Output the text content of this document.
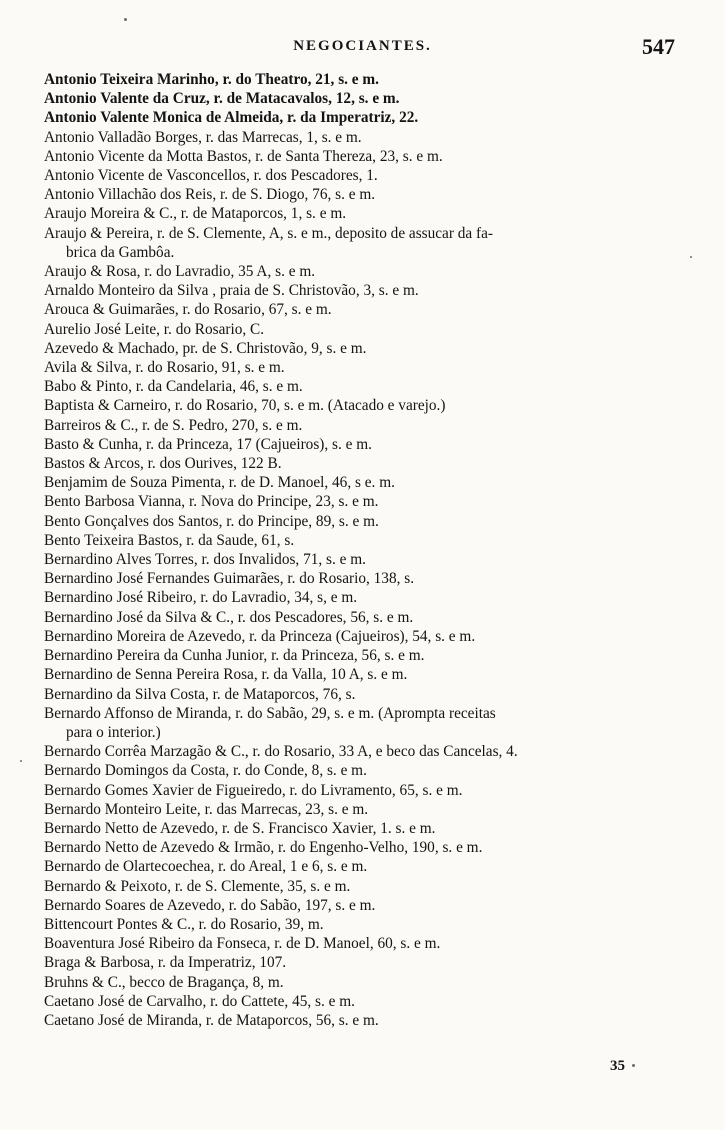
NEGOCIANTES.	547
Antonio Teixeira Marinho, r. do Theatro, 21, s. e m.
Antonio Valente da Cruz, r. de Matacavalos, 12, s. e m.
Antonio Valente Monica de Almeida, r. da Imperatriz, 22.
Antonio Valladão Borges, r. das Marrecas, 1, s. e m.
Antonio Vicente da Motta Bastos, r. de Santa Thereza, 23, s. e m.
Antonio Vicente de Vasconcellos, r. dos Pescadores, 1.
Antonio Villachão dos Reis, r. de S. Diogo, 76, s. e m.
Araujo Moreira & C., r. de Mataporcos, 1, s. e m.
Araujo & Pereira, r. de S. Clemente, A, s. e m., deposito de assucar da fa-
brica da Gambôa.
Araujo & Rosa, r. do Lavradio, 35 A, s. e m.
Arnaldo Monteiro da Silva , praia de S. Christovão, 3, s. e m.
Arouca & Guimarães, r. do Rosario, 67, s. e m.
Aurelio José Leite, r. do Rosario, C.
Azevedo & Machado, pr. de S. Christovão, 9, s. e m.
Avila & Silva, r. do Rosario, 91, s. e m.
Babo & Pinto, r. da Candelaria, 46, s. e m.
Baptista & Carneiro, r. do Rosario, 70, s. e m. (Atacado e varejo.)
Barreiros & C., r. de S. Pedro, 270, s. e m.
Basto & Cunha, r. da Princeza, 17 (Cajueiros), s. e m.
Bastos & Arcos, r. dos Ourives, 122 B.
Benjamim de Souza Pimenta, r. de D. Manoel, 46, s e. m.
Bento Barbosa Vianna, r. Nova do Principe, 23, s. e m.
Bento Gonçalves dos Santos, r. do Principe, 89, s. e m.
Bento Teixeira Bastos, r. da Saude, 61, s.
Bernardino Alves Torres, r. dos Invalidos, 71, s. e m.
Bernardino José Fernandes Guimarães, r. do Rosario, 138, s.
Bernardino José Ribeiro, r. do Lavradio, 34, s, e m.
Bernardino José da Silva & C., r. dos Pescadores, 56, s. e m.
Bernardino Moreira de Azevedo, r. da Princeza (Cajueiros), 54, s. e m.
Bernardino Pereira da Cunha Junior, r. da Princeza, 56, s. e m.
Bernardino de Senna Pereira Rosa, r. da Valla, 10 A, s. e m.
Bernardino da Silva Costa, r. de Mataporcos, 76, s.
Bernardo Affonso de Miranda, r. do Sabão, 29, s. e m. (Aprompta receitas
para o interior.)
Bernardo Corrêa Marzagão & C., r. do Rosario, 33 A, e beco das Cancelas, 4.
Bernardo Domingos da Costa, r. do Conde, 8, s. e m.
Bernardo Gomes Xavier de Figueiredo, r. do Livramento, 65, s. e m.
Bernardo Monteiro Leite, r. das Marrecas, 23, s. e m.
Bernardo Netto de Azevedo, r. de S. Francisco Xavier, 1. s. e m.
Bernardo Netto de Azevedo & Irmão, r. do Engenho-Velho, 190, s. e m.
Bernardo de Olartecoechea, r. do Areal, 1 e 6, s. e m.
Bernardo & Peixoto, r. de S. Clemente, 35, s. e m.
Bernardo Soares de Azevedo, r. do Sabão, 197, s. e m.
Bittencourt Pontes & C., r. do Rosario, 39, m.
Boaventura José Ribeiro da Fonseca, r. de D. Manoel, 60, s. e m.
Braga & Barbosa, r. da Imperatriz, 107.
Bruhns & C., becco de Bragança, 8, m.
Caetano José de Carvalho, r. do Cattete, 45, s. e m.
Caetano José de Miranda, r. de Mataporcos, 56, s. e m.
35
